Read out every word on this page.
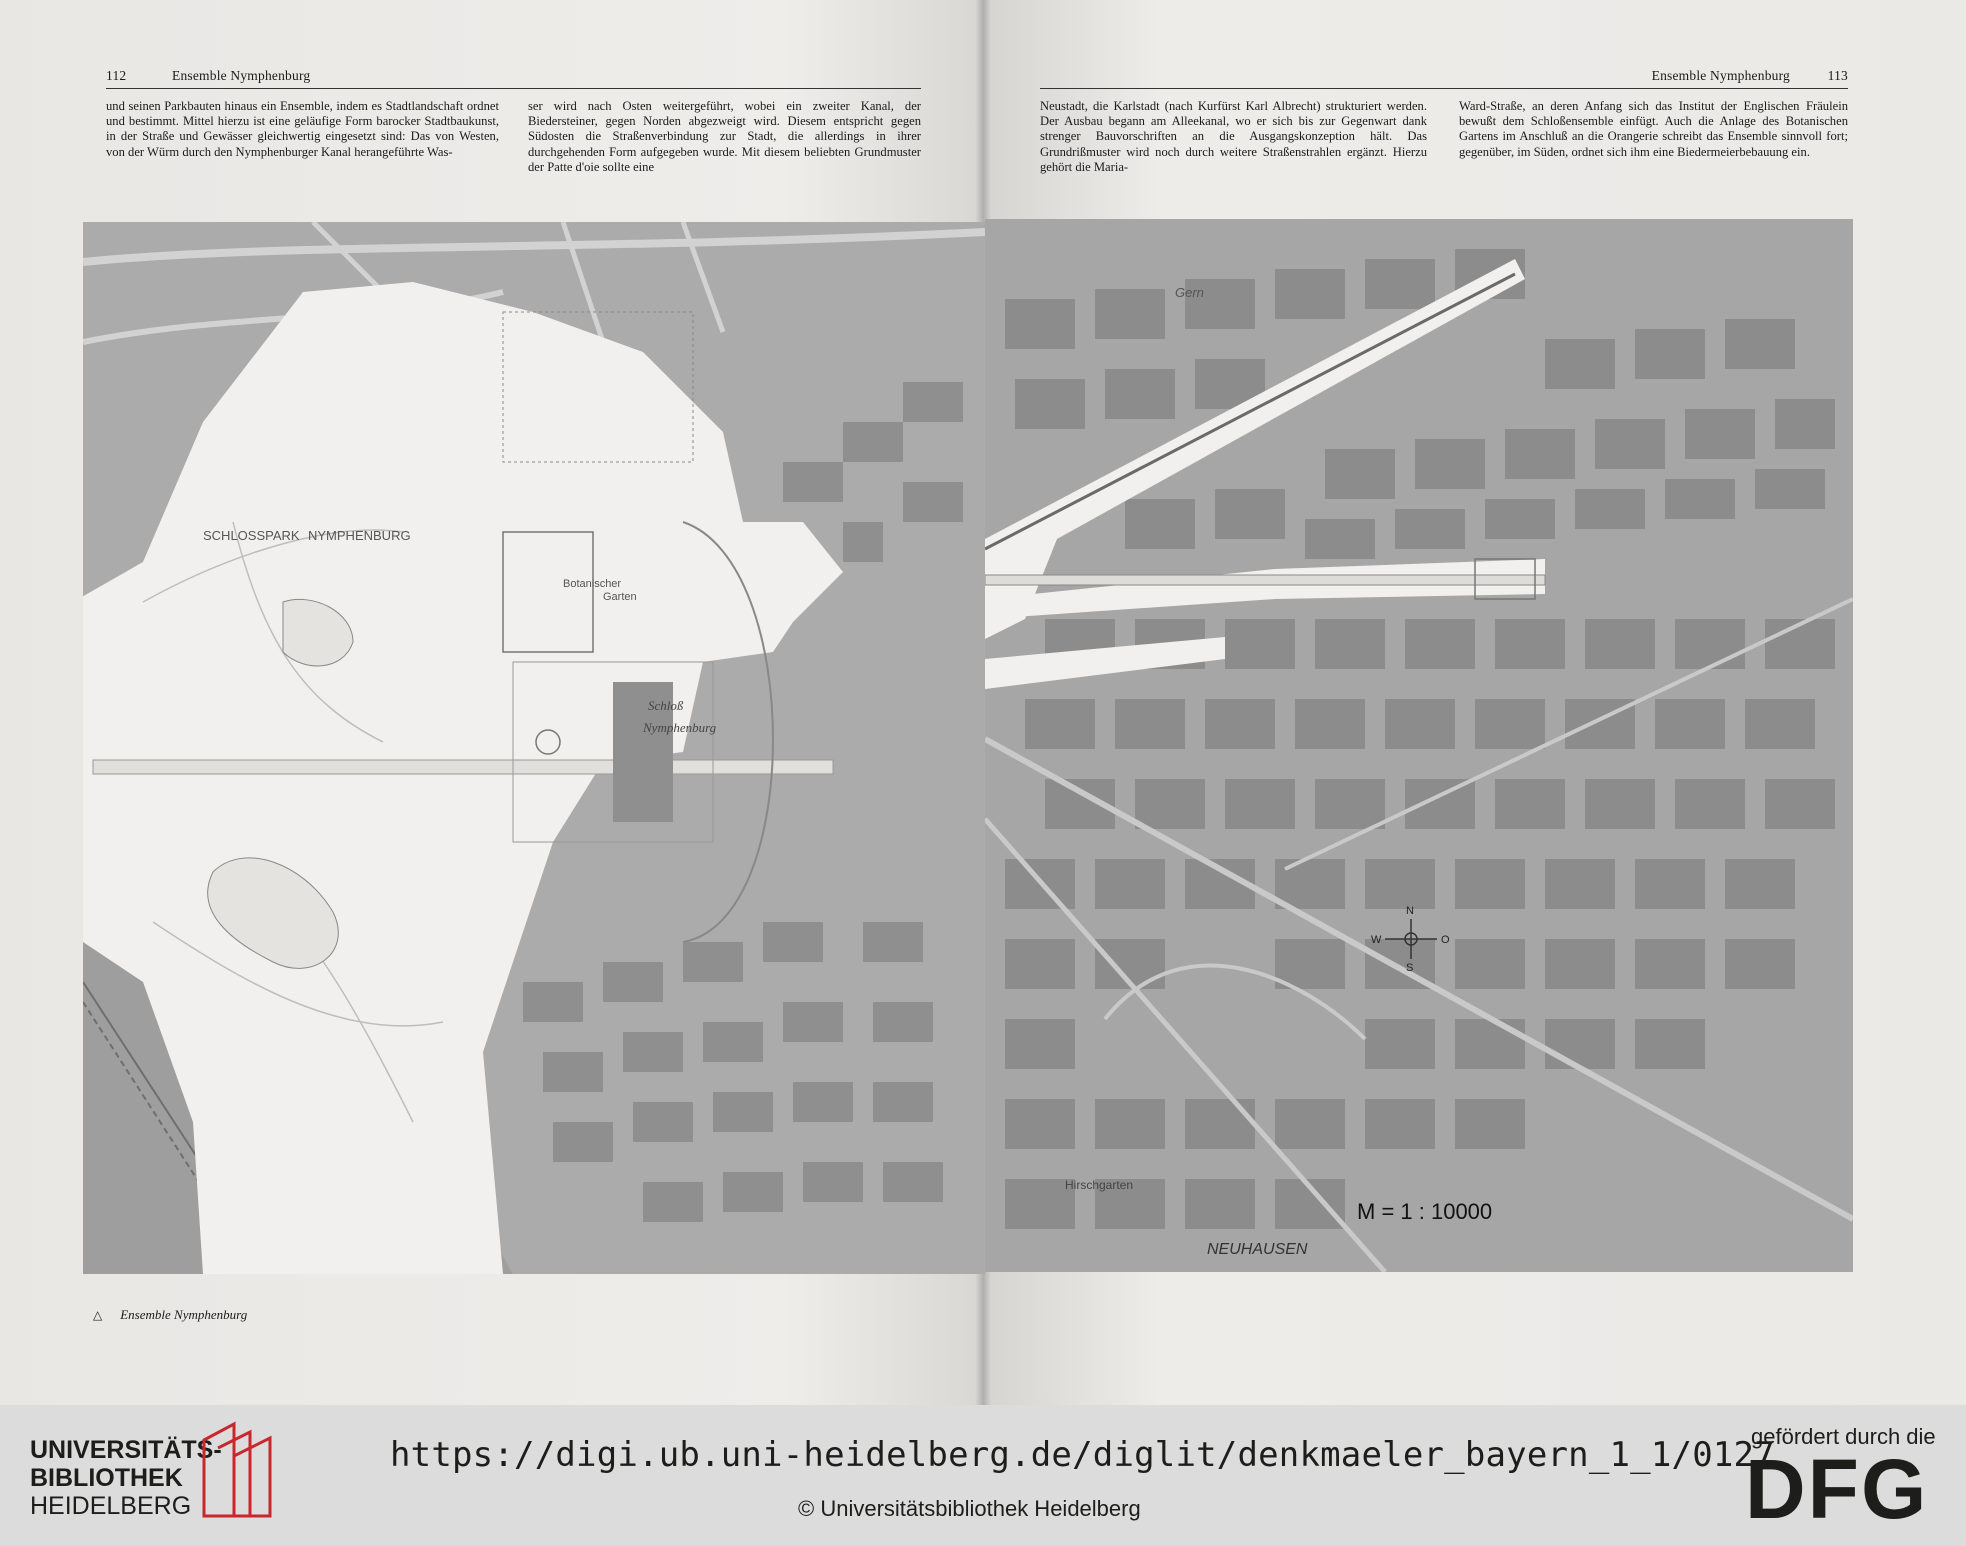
112	Ensemble Nymphenburg	Ensemble Nymphenburg	113
und seinen Parkbauten hinaus ein Ensemble, indem es Stadtlandschaft ordnet und bestimmt. Mittel hierzu ist eine geläufige Form barocker Stadtbaukunst, in der Straße und Gewässer gleichwertig eingesetzt sind: Das von Westen, von der Würm durch den Nymphenburger Kanal herangeführte Was-
ser wird nach Osten weitergeführt, wobei ein zweiter Kanal, der Biedersteiner, gegen Norden abgezweigt wird. Diesem entspricht gegen Südosten die Straßenverbindung zur Stadt, die allerdings in ihrer durchgehenden Form aufgegeben wurde. Mit diesem beliebten Grundmuster der Patte d'oie sollte eine
Neustadt, die Karlstadt (nach Kurfürst Karl Albrecht) strukturiert werden. Der Ausbau begann am Alleekanal, wo er sich bis zur Gegenwart dank strenger Bauvorschriften an die Ausgangskonzeption hält. Das Grundrißmuster wird noch durch weitere Straßenstrahlen ergänzt. Hierzu gehört die Maria-
Ward-Straße, an deren Anfang sich das Institut der Englischen Fräulein bewußt dem Schloßensemble einfügt. Auch die Anlage des Botanischen Gartens im Anschluß an die Orangerie schreibt das Ensemble sinnvoll fort; gegenüber, im Süden, ordnet sich ihm eine Biedermeierbebauung ein.
SCHLOSSPARK NYMPHENBURG
Botanischer
Garten
Schloß
Nymphenburg
Gern
Hirschgarten
NEUHAUSEN
N
S
W	O
M = 1 : 10000
△ Ensemble Nymphenburg
UNIVERSITÄTS-
BIBLIOTHEK
HEIDELBERG
https://digi.ub.uni-heidelberg.de/diglit/denkmaeler_bayern_1_1/0127
© Universitätsbibliothek Heidelberg
gefördert durch die
DFG
